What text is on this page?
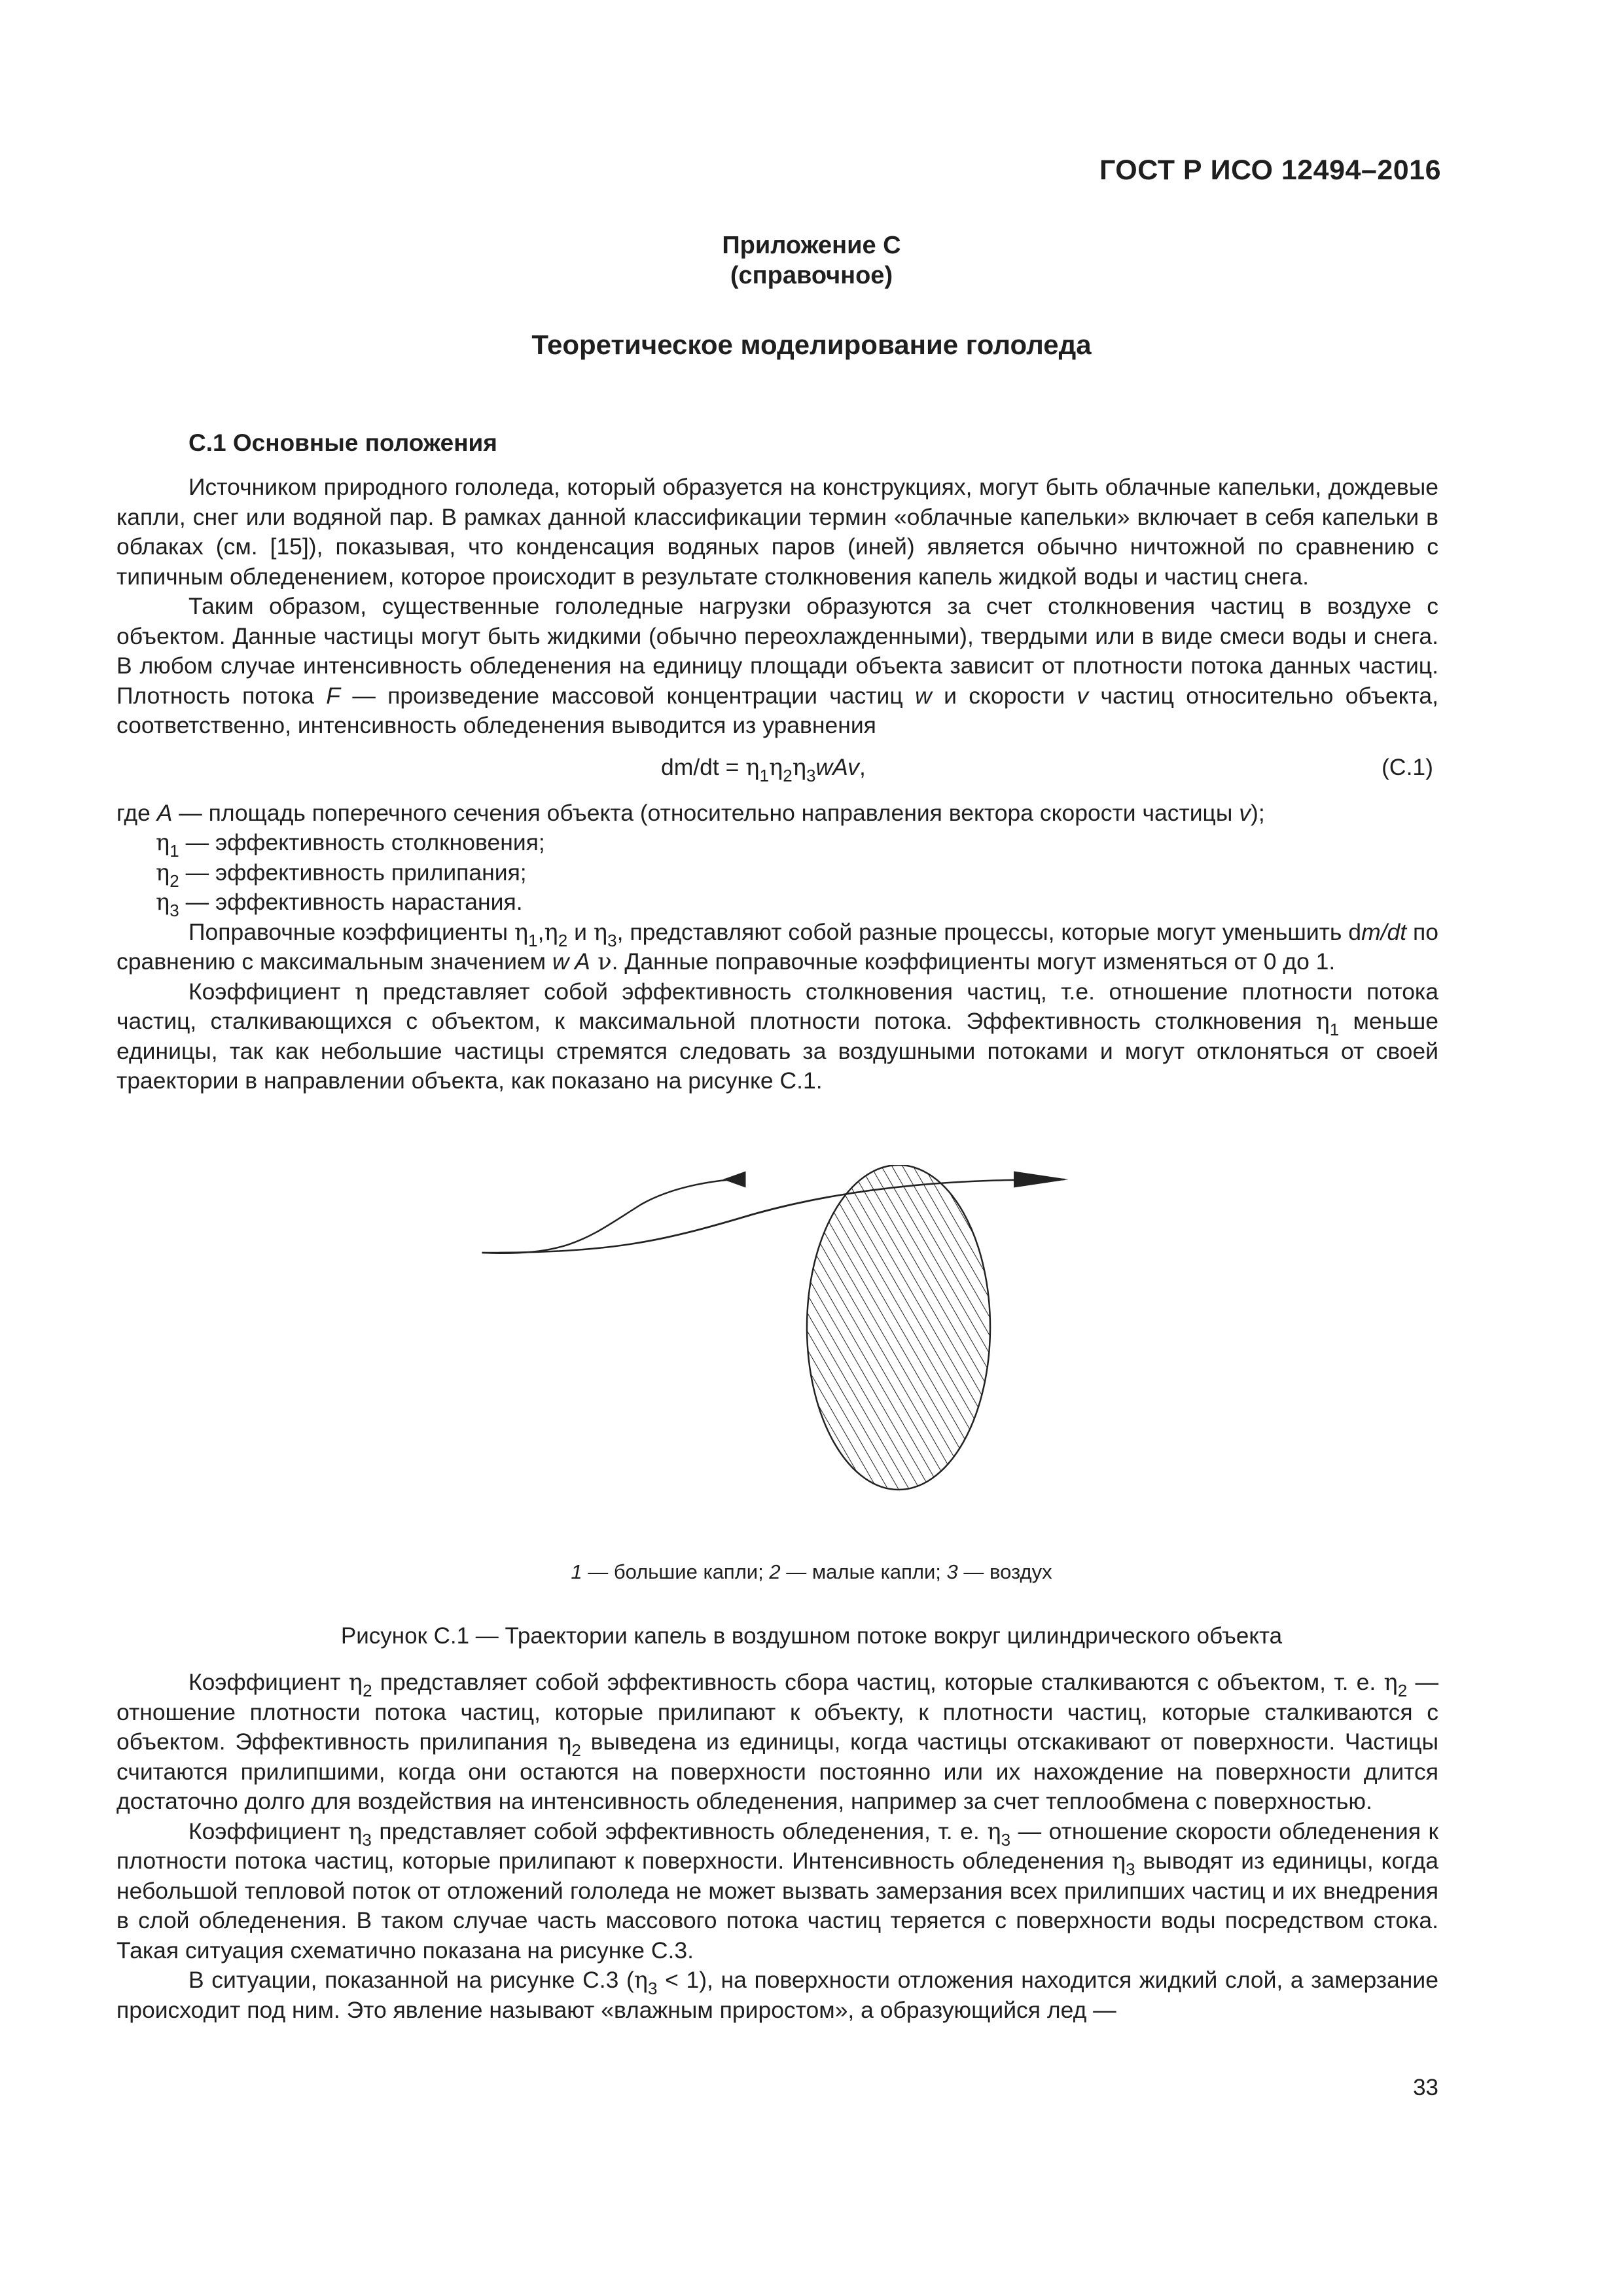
ГОСТ Р ИСО 12494–2016
Приложение С
(справочное)
Теоретическое моделирование гололеда
С.1 Основные положения

Источником природного гололеда, который образуется на конструкциях, могут быть облачные капельки, дождевые капли, снег или водяной пар. В рамках данной классификации термин «облачные капельки» включает в себя капельки в облаках (см. [15]), показывая, что конденсация водяных паров (иней) является обычно ничтожной по сравнению с типичным обледенением, которое происходит в результате столкновения капель жидкой воды и частиц снега.

Таким образом, существенные гололедные нагрузки образуются за счет столкновения частиц в воздухе с объектом. Данные частицы могут быть жидкими (обычно переохлажденными), твердыми или в виде смеси воды и снега. В любом случае интенсивность обледенения на единицу площади объекта зависит от плотности потока данных частиц. Плотность потока F — произведение массовой концентрации частиц w и скорости v частиц относительно объекта, соответственно, интенсивность обледенения выводится из уравнения

$dm/dt = \eta_1\eta_2\eta_3wAv$,	(С.1)

где A — площадь поперечного сечения объекта (относительно направления вектора скорости частицы v);

$\eta_1$ — эффективность столкновения;

$\eta_2$ — эффективность прилипания;

$\eta_3$ — эффективность нарастания.

Поправочные коэффициенты $\eta_1,\eta_2$ и $\eta_3$, представляют собой разные процессы, которые могут уменьшить dm/dt по сравнению с максимальным значением w A ν. Данные поправочные коэффициенты могут изменяться от 0 до 1.

Коэффициент η представляет собой эффективность столкновения частиц, т.е. отношение плотности потока частиц, сталкивающихся с объектом, к максимальной плотности потока. Эффективность столкновения $\eta_1$ меньше единицы, так как небольшие частицы стремятся следовать за воздушными потоками и могут отклоняться от своей траектории в направлении объекта, как показано на рисунке С.1.

1 — большие капли; 2 — малые капли; 3 — воздух
Рисунок С.1 — Траектории капель в воздушном потоке вокруг цилиндрического объекта

Коэффициент $\eta_2$ представляет собой эффективность сбора частиц, которые сталкиваются с объектом, т. е. $\eta_2$ — отношение плотности потока частиц, которые прилипают к объекту, к плотности частиц, которые сталкиваются с объектом. Эффективность прилипания $\eta_2$ выведена из единицы, когда частицы отскакивают от поверхности. Частицы считаются прилипшими, когда они остаются на поверхности постоянно или их нахождение на поверхности длится достаточно долго для воздействия на интенсивность обледенения, например за счет теплообмена с поверхностью.

Коэффициент $\eta_3$ представляет собой эффективность обледенения, т. е. $\eta_3$ — отношение скорости обледенения к плотности потока частиц, которые прилипают к поверхности. Интенсивность обледенения $\eta_3$ выводят из единицы, когда небольшой тепловой поток от отложений гололеда не может вызвать замерзания всех прилипших частиц и их внедрения в слой обледенения. В таком случае часть массового потока частиц теряется с поверхности воды посредством стока. Такая ситуация схематично показана на рисунке С.3.

В ситуации, показанной на рисунке С.3 $(\eta_3 < 1)$, на поверхности отложения находится жидкий слой, а замерзание происходит под ним. Это явление называют «влажным приростом», а образующийся лед —

33
